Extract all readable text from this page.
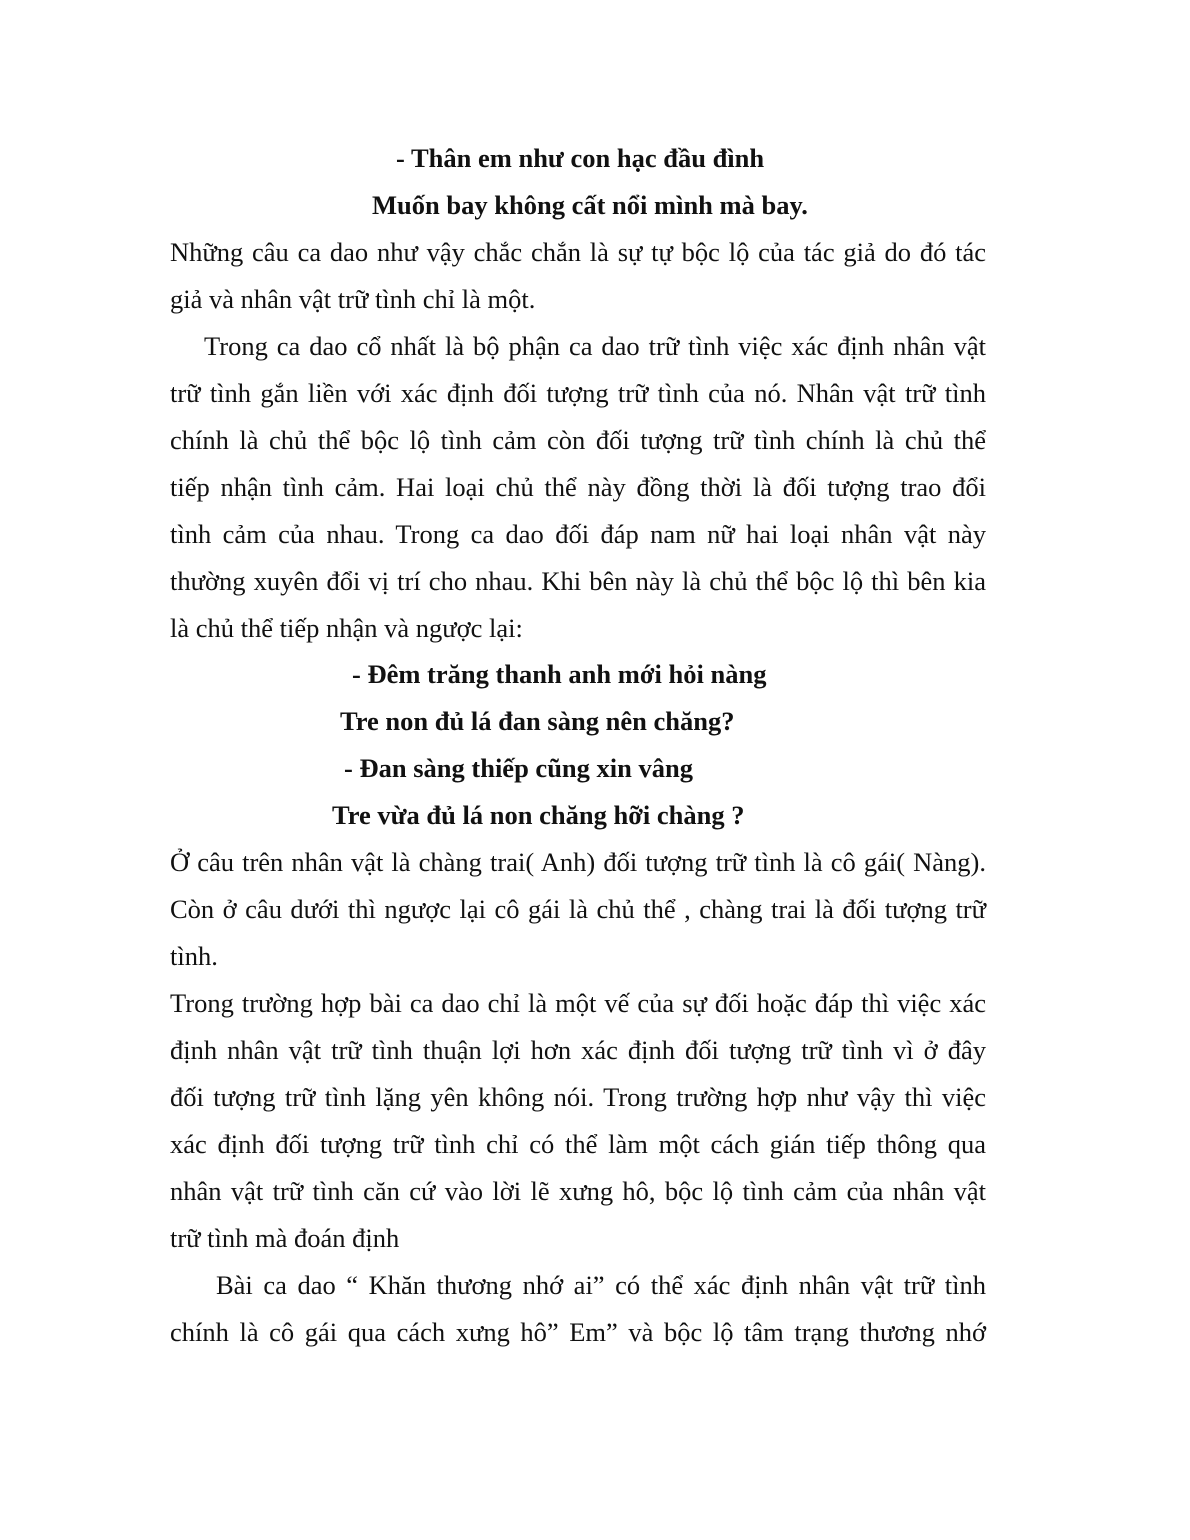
- Thân em như con hạc đầu đình
Muốn bay không cất nổi mình mà bay.
Những câu ca dao như vậy chắc chắn là sự tự bộc lộ của tác giả do đó tác
giả và nhân vật trữ tình chỉ là một.
Trong ca dao cổ nhất là bộ phận ca dao trữ tình việc xác định nhân vật
trữ tình gắn liền với xác định đối tượng trữ tình của nó. Nhân vật trữ tình
chính là chủ thể bộc lộ tình cảm còn đối tượng trữ tình chính là chủ thể
tiếp nhận tình cảm. Hai loại chủ thể này đồng thời là đối tượng trao đổi
tình cảm của nhau. Trong ca dao đối đáp nam nữ hai loại nhân vật này
thường xuyên đổi vị trí cho nhau. Khi bên này là chủ thể bộc lộ thì bên kia
là chủ thể tiếp nhận và ngược lại:
- Đêm trăng thanh anh mới hỏi nàng
Tre non đủ lá đan sàng nên chăng?
- Đan sàng thiếp cũng xin vâng
Tre vừa đủ lá non chăng hỡi chàng ?
Ở câu trên nhân vật là chàng trai( Anh) đối tượng trữ tình là cô gái( Nàng).
Còn ở câu dưới thì ngược lại cô gái là chủ thể , chàng trai là đối tượng trữ
tình.
Trong trường hợp bài ca dao chỉ là một vế của sự đối hoặc đáp thì việc xác
định nhân vật trữ tình thuận lợi hơn xác định đối tượng trữ tình vì ở đây
đối tượng trữ tình lặng yên không nói. Trong trường hợp như vậy thì việc
xác định đối tượng trữ tình chỉ có thể làm một cách gián tiếp thông qua
nhân vật trữ tình căn cứ vào lời lẽ xưng hô, bộc lộ tình cảm của nhân vật
trữ tình mà đoán định
Bài ca dao “ Khăn thương nhớ ai” có thể xác định nhân vật trữ tình
chính là cô gái qua cách xưng hô” Em” và bộc lộ tâm trạng thương nhớ
